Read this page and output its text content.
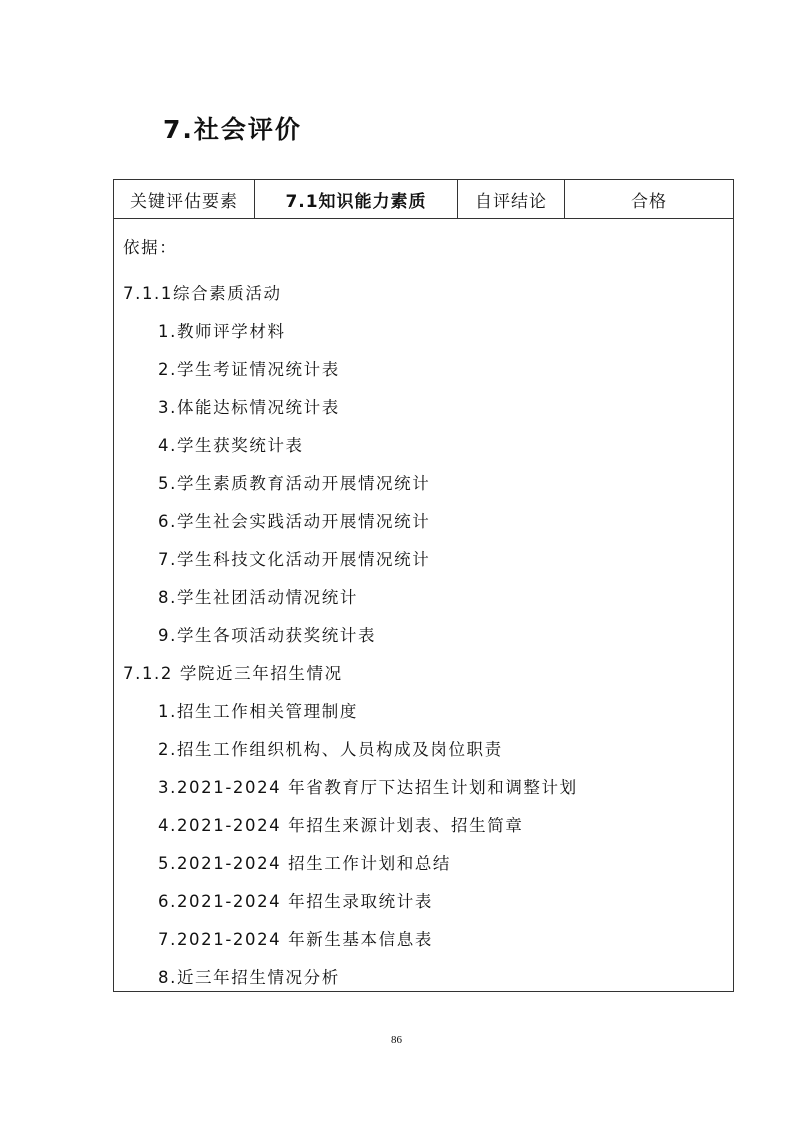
7.社会评价
关键评估要素	7.1知识能力素质	自评结论	合格
依据：
7.1.1综合素质活动
1.教师评学材料
2.学生考证情况统计表
3.体能达标情况统计表
4.学生获奖统计表
5.学生素质教育活动开展情况统计
6.学生社会实践活动开展情况统计
7.学生科技文化活动开展情况统计
8.学生社团活动情况统计
9.学生各项活动获奖统计表
7.1.2 学院近三年招生情况
1.招生工作相关管理制度
2.招生工作组织机构、人员构成及岗位职责
3.2021-2024 年省教育厅下达招生计划和调整计划
4.2021-2024 年招生来源计划表、招生简章
5.2021-2024 招生工作计划和总结
6.2021-2024 年招生录取统计表
7.2021-2024 年新生基本信息表
8.近三年招生情况分析
86
